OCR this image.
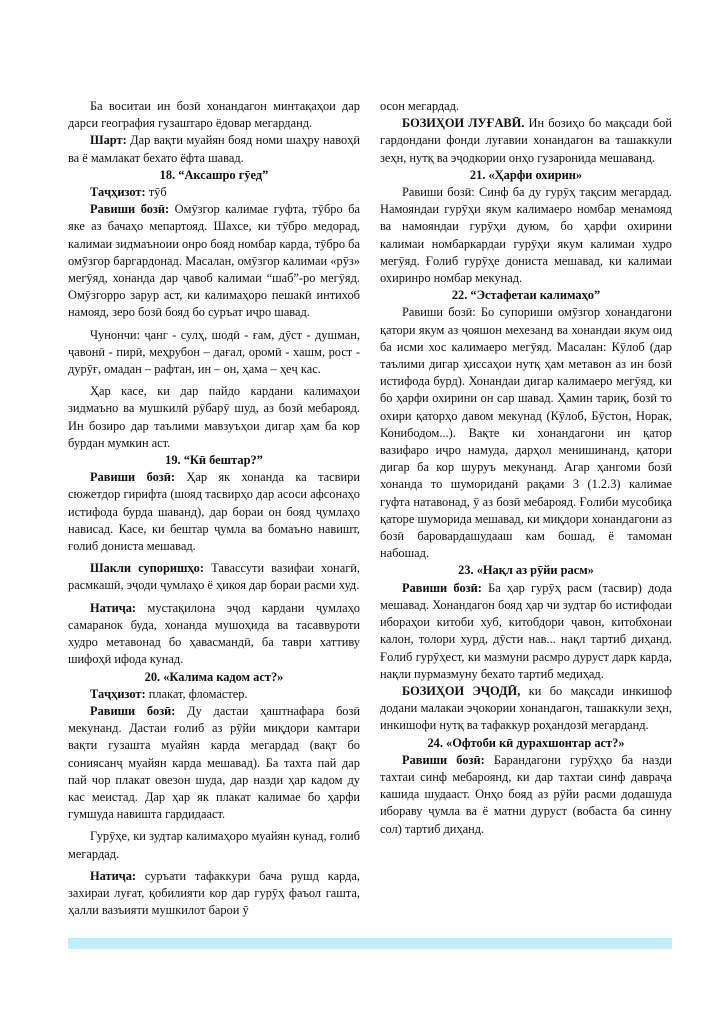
Ба воситаи ин бозӣ хонандагон минтақаҳои дар дарси география гузаштаро ёдовар мегарданд.

Шарт: Дар вақти муайян бояд номи шаҳру навоҳӣ ва ё мамлакат бехато ёфта шавад.

18. “Аксашро гӯед”

Таҷҳизот: тӯб

Равиши бозӣ: Омӯзгор калимае гуфта, тӯбро ба яке аз бачаҳо мепартояд. Шахсе, ки тӯбро медорад, калимаи зидмаъноии онро бояд номбар карда, тӯбро ба омӯзгор баргардонад. Масалан, омӯзгор калимаи «рӯз» мегӯяд, хонанда дар ҷавоб калимаи “шаб”-ро мегӯяд. Омӯзгорро зарур аст, ки калимаҳоро пешакӣ интихоб намояд, зеро бозӣ бояд бо суръат иҷро шавад.

Чунончи: ҷанг - сулҳ, шодӣ - ғам, дӯст - душман, ҷавонӣ - пирӣ, меҳрубон – дағал, оромӣ - хашм, рост - дурӯғ, омадан – рафтан, ин – он, ҳама – ҳеҷ кас.

Ҳар касе, ки дар пайдо кардани калимаҳои зидмаъно ва мушкилӣ рӯбарӯ шуд, аз бозӣ мебарояд. Ин бозиро дар таълими мавзуъҳои дигар ҳам ба кор бурдан мумкин аст.

19. “Кӣ бештар?”

Равиши бозӣ: Ҳар як хонанда ка тасвири сюжетдор гирифта (шояд тасвирҳо дар асоси афсонаҳо истифода бурда шаванд), дар бораи он бояд ҷумлаҳо нависад. Касе, ки бештар ҷумла ва бомаъно навишт, ғолиб дониста мешавад.

Шакли супоришҳо: Тавассути вазифаи хонагӣ, расмкашӣ, эҷоди ҷумлаҳо ё ҳикоя дар бораи расми худ.

Натиҷа: мустақилона эҷод кардани ҷумлаҳо самаранок буда, хонанда мушоҳида ва тасаввуроти худро метавонад бо ҳавасмандӣ, ба таври хаттиву шифоҳӣ ифода кунад.

20. «Калима кадом аст?»

Таҷҳизот: плакат, фломастер.

Равиши бозӣ: Ду дастаи ҳаштнафара бозӣ мекунанд. Дастаи ғолиб аз рӯйи миқдори камтари вақти гузашта муайян карда мегардад (вақт бо сониясанҷ муайян карда мешавад). Ба тахта пай дар пай чор плакат овезон шуда, дар назди ҳар кадом ду кас меистад. Дар ҳар як плакат калимае бо ҳарфи гумшуда навишта гардидааст.

Гурӯҳе, ки зудтар калимаҳоро муайян кунад, ғолиб мегардад.

Натиҷа: суръати тафаккури бача рушд карда, захираи луғат, қобилияти кор дар гурӯҳ фаъол гашта, ҳалли вазъияти мушкилот барои ӯ

осон мегардад.

БОЗИҲОИ ЛУҒАВӢ. Ин бозиҳо бо мақсади бой гардондани фонди луғавии хонандагон ва ташаккули зеҳн, нутқ ва эҷодкории онҳо гузаронида мешаванд.

21. «Ҳарфи охирин»

Равиши бозӣ: Синф ба ду гурӯҳ тақсим мегардад. Намояндаи гурӯҳи якум калимаеро номбар менамояд ва намояндаи гурӯҳи дуюм, бо ҳарфи охирини калимаи номбаркардаи гурӯҳи якум калимаи худро мегӯяд. Ғолиб гурӯҳе дониста мешавад, ки калимаи охиринро номбар мекунад.

22. “Эстафетаи калимаҳо”

Равиши бозӣ: Бо супориши омӯзгор хонандагони қатори якум аз ҷояшон мехезанд ва хонандаи якум оид ба исми хос калимаеро мегӯяд. Масалан: Кӯлоб (дар таълими дигар ҳиссаҳои нутқ ҳам метавон аз ин бозӣ истифода бурд). Хонандаи дигар калимаеро мегӯяд, ки бо ҳарфи охирини он сар шавад. Ҳамин тариқ, бозӣ то охири қаторҳо давом мекунад (Кӯлоб, Бӯстон, Норак, Конибодом...). Вақте ки хонандагони ин қатор вазифаро иҷро намуда, дарҳол менишинанд, қатори дигар ба кор шуруъ мекунанд. Агар ҳангоми бозӣ хонанда то шумориданӣ рақами 3 (1.2.3) калимае гуфта натавонад, ӯ аз бозӣ мебарояд. Ғолиби мусобиқа қаторе шуморида мешавад, ки миқдори хонандагони аз бозӣ баровардашудааш кам бошад, ё тамоман набошад.

23. «Нақл аз рӯйи расм»

Равиши бозӣ: Ба ҳар гурӯҳ расм (тасвир) дода мешавад. Хонандагон бояд ҳар чи зудтар бо истифодаи ибораҳои китоби хуб, китобдори ҷавон, китобхонаи калон, толори хурд, дӯсти нав... нақл тартиб диҳанд. Ғолиб гурӯҳест, ки мазмуни расмро дуруст дарк карда, нақли пурмазмуну бехато тартиб медиҳад.

БОЗИҲОИ ЭҶОДӢ, ки бо мақсади инкишоф додани малакаи эҷокории хонандагон, ташаккули зеҳн, инкишофи нутқ ва тафаккур роҳандозӣ мегарданд.

24. «Офтоби кӣ дурахшонтар аст?»

Равиши бозӣ: Барандагони гурӯҳҳо ба назди тахтаи синф мебароянд, ки дар тахтаи синф давраҷа кашида шудааст. Онҳо бояд аз рӯйи расми додашуда ибораву ҷумла ва ё матни дуруст (вобаста ба синну сол) тартиб диҳанд.
